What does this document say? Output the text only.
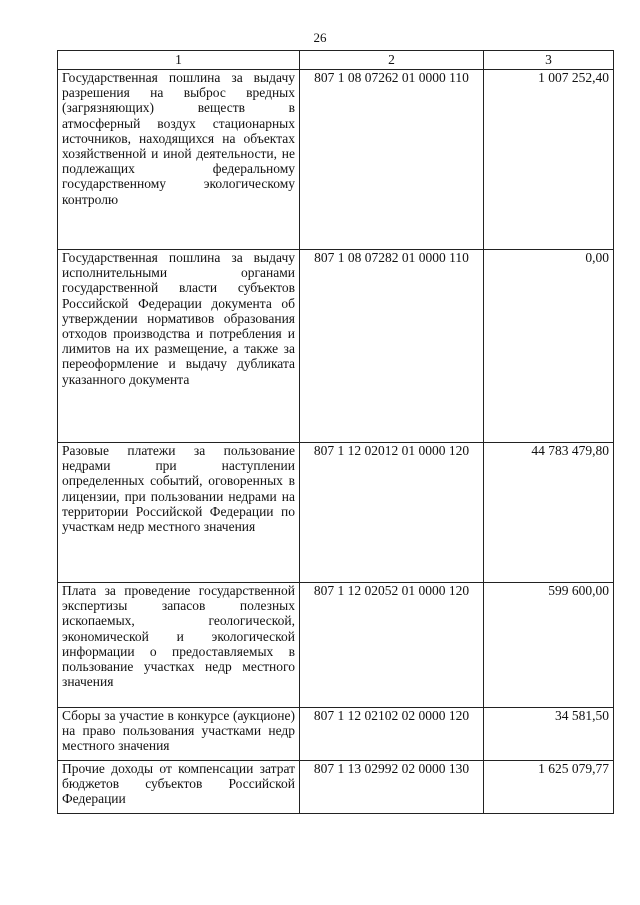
26
1	2	3
Государственная пошлина за выдачу разрешения на выброс вредных (загрязняющих) веществ в атмосферный воздух стационарных источников, находящихся на объектах хозяйственной и иной деятельности, не подлежащих федеральному государственному экологическому контролю	807 1 08 07262 01 0000 110	1 007 252,40
Государственная пошлина за выдачу исполнительными органами государственной власти субъектов Российской Федерации документа об утверждении нормативов образования отходов производства и потребления и лимитов на их размещение, а также за переоформление и выдачу дубликата указанного документа	807 1 08 07282 01 0000 110	0,00
Разовые платежи за пользование недрами при наступлении определенных событий, оговоренных в лицензии, при пользовании недрами на территории Российской Федерации по участкам недр местного значения	807 1 12 02012 01 0000 120	44 783 479,80
Плата за проведение государственной экспертизы запасов полезных ископаемых, геологической, экономической и экологической информации о предоставляемых в пользование участках недр местного значения	807 1 12 02052 01 0000 120	599 600,00
Сборы за участие в конкурсе (аукционе) на право пользования участками недр местного значения	807 1 12 02102 02 0000 120	34 581,50
Прочие доходы от компенсации затрат бюджетов субъектов Российской Федерации	807 1 13 02992 02 0000 130	1 625 079,77
